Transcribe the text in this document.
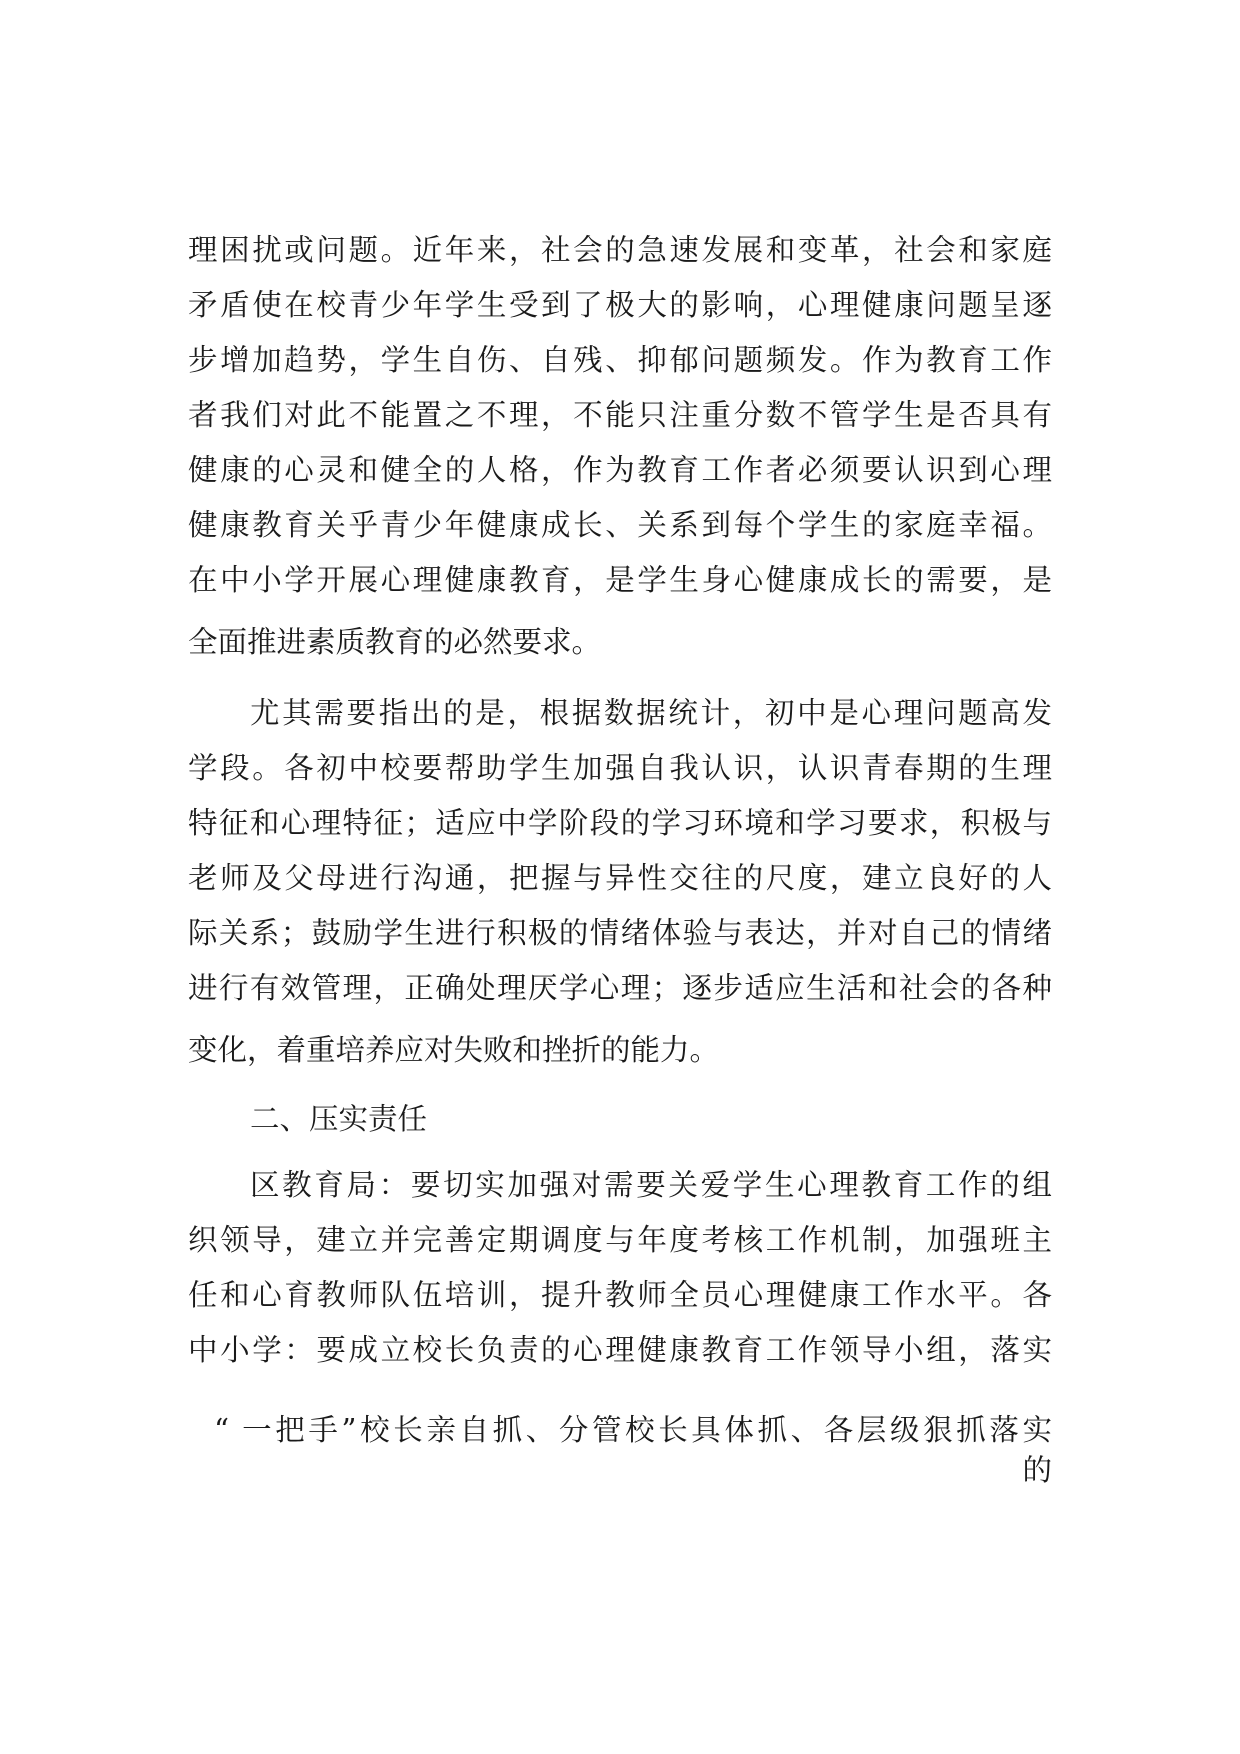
理困扰或问题。近年来，社会的急速发展和变革，社会和家庭
矛盾使在校青少年学生受到了极大的影响，心理健康问题呈逐
步增加趋势，学生自伤、自残、抑郁问题频发。作为教育工作
者我们对此不能置之不理，不能只注重分数不管学生是否具有
健康的心灵和健全的人格，作为教育工作者必须要认识到心理
健康教育关乎青少年健康成长、关系到每个学生的家庭幸福。
在中小学开展心理健康教育，是学生身心健康成长的需要，是
全面推进素质教育的必然要求。
尤其需要指出的是，根据数据统计，初中是心理问题高发
学段。各初中校要帮助学生加强自我认识，认识青春期的生理
特征和心理特征；适应中学阶段的学习环境和学习要求，积极与
老师及父母进行沟通，把握与异性交往的尺度，建立良好的人
际关系；鼓励学生进行积极的情绪体验与表达，并对自己的情绪
进行有效管理，正确处理厌学心理；逐步适应生活和社会的各种
变化，着重培养应对失败和挫折的能力。
二、压实责任
区教育局：要切实加强对需要关爱学生心理教育工作的组
织领导，建立并完善定期调度与年度考核工作机制，加强班主
任和心育教师队伍培训，提升教师全员心理健康工作水平。各
中小学：要成立校长负责的心理健康教育工作领导小组，落实
“ 一把手”校长亲自抓、分管校长具体抓、各层级狠抓落实
的
